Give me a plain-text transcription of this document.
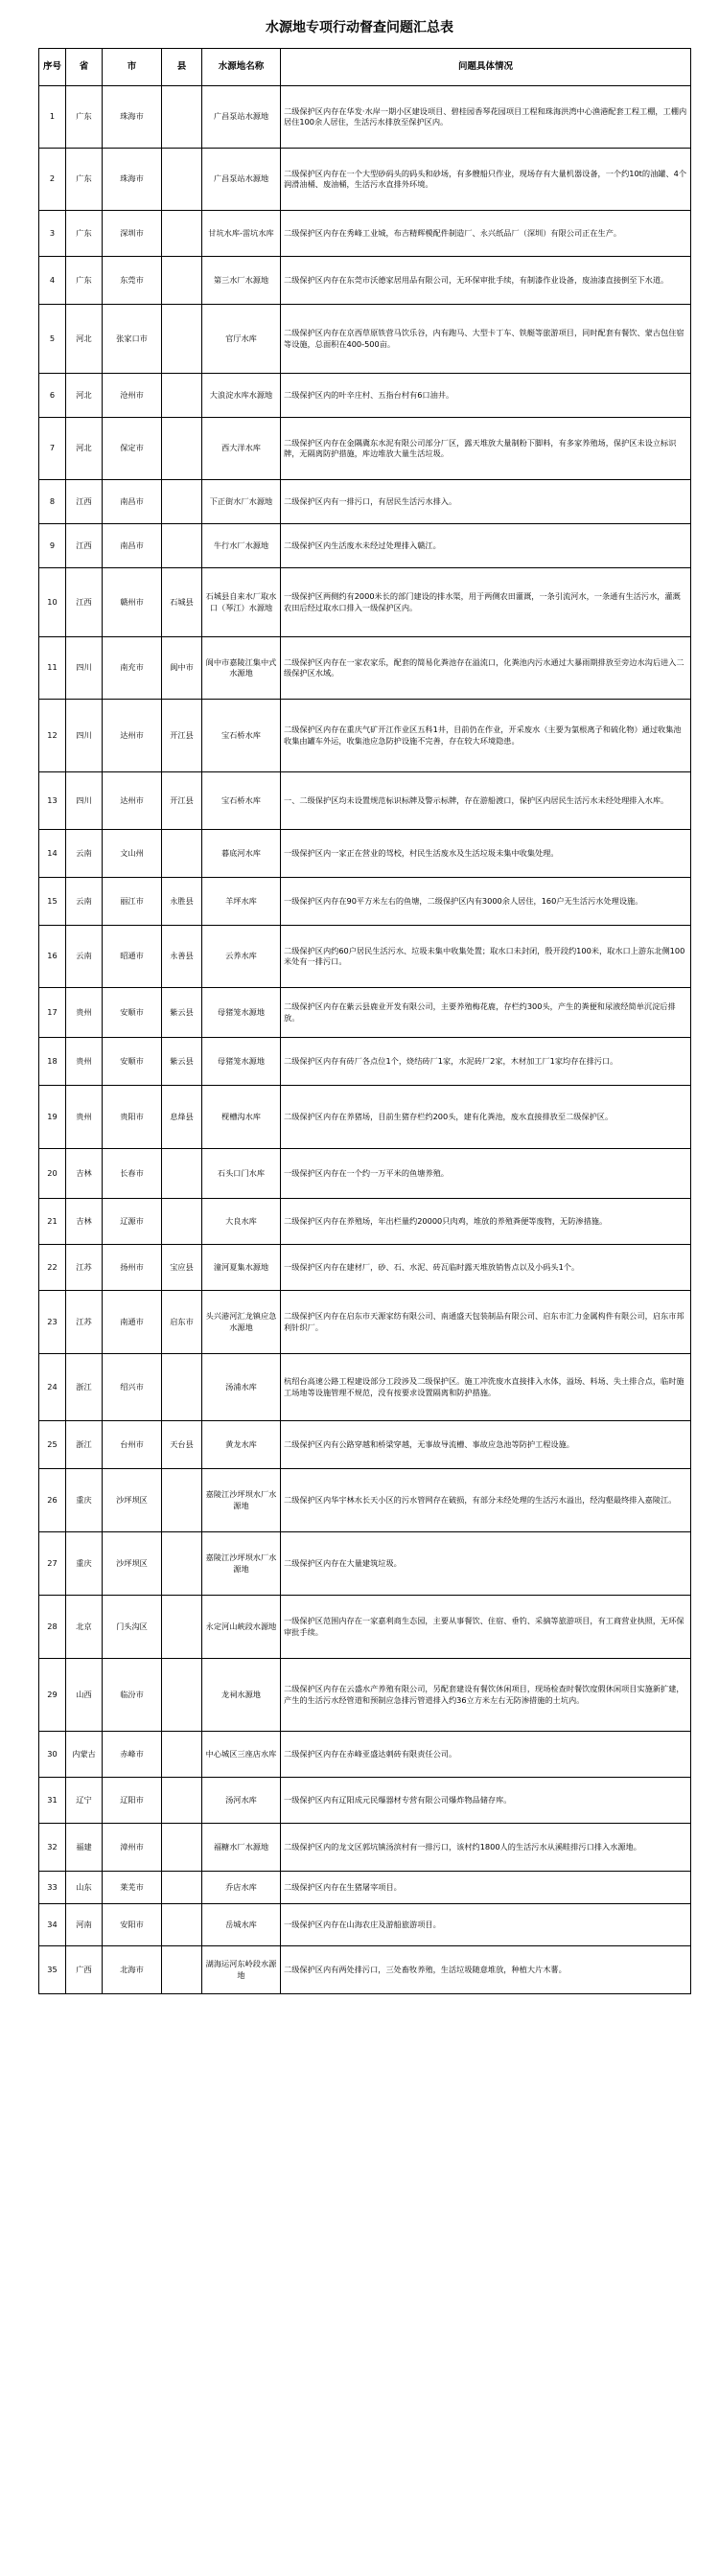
水源地专项行动督查问题汇总表
序号	省	市	县	水源地名称	问题具体情况
1	广东	珠海市		广昌泵站水源地	二级保护区内存在华发·水岸一期小区建设项目、碧桂园香琴花园项目工程和珠海洪湾中心渔港配套工程工棚，工棚内居住100余人居住，生活污水排放至保护区内。
2	广东	珠海市		广昌泵站水源地	二级保护区内存在一个大型砂码头的码头和砂场，有多艘船只作业，现场存有大量机器设备，一个约10t的油罐、4个润滑油桶、废油桶，生活污水直排外环境。
3	广东	深圳市		甘坑水库-雷坑水库	二级保护区内存在秀峰工业城，布吉精辉模配件制造厂、永兴纸品厂（深圳）有限公司正在生产。
4	广东	东莞市		第三水厂水源地	二级保护区内存在东莞市沃德家居用品有限公司，无环保审批手续，有制漆作业设备，废油漆直接倒至下水道。
5	河北	张家口市		官厅水库	二级保护区内存在京西草原铁营马饮乐谷，内有跑马、大型卡丁车、铁艇等旅游项目，同时配套有餐饮、蒙古包住宿等设施，总面积在400-500亩。
6	河北	沧州市		大浪淀水库水源地	二级保护区内的叶辛庄村、五指台村有6口油井。
7	河北	保定市		西大洋水库	二级保护区内存在金隅冀东水泥有限公司部分厂区，露天堆放大量制粉下脚料，有多家养殖场，保护区未设立标识牌，无隔离防护措施，库边堆放大量生活垃圾。
8	江西	南昌市		下正街水厂水源地	二级保护区内有一排污口，有居民生活污水排入。
9	江西	南昌市		牛行水厂水源地	二级保护区内生活废水未经过处理排入赣江。
10	江西	赣州市	石城县	石城县自来水厂取水口（琴江）水源地	一级保护区两侧约有2000米长的部门建设的排水渠，用于两侧农田灌溉，一条引流河水，一条通有生活污水，灌溉农田后经过取水口排入一级保护区内。
11	四川	南充市	阆中市	阆中市嘉陵江集中式水源地	二级保护区内存在一家农家乐，配套的简易化粪池存在溢流口，化粪池内污水通过大暴雨期排放至旁边水沟后进入二级保护区水域。
12	四川	达州市	开江县	宝石桥水库	二级保护区内存在重庆气矿开江作业区五科1井，目前仍在作业，开采废水（主要为氯根离子和硫化物）通过收集池收集由罐车外运，收集池应急防护设施不完善，存在较大环境隐患。
13	四川	达州市	开江县	宝石桥水库	一、二级保护区均未设置规范标识标牌及警示标牌，存在游船渡口，保护区内居民生活污水未经处理排入水库。
14	云南	文山州		暮底河水库	一级保护区内一家正在营业的驾校，村民生活废水及生活垃圾未集中收集处理。
15	云南	丽江市	永胜县	羊坪水库	一级保护区内存在90平方米左右的鱼塘，二级保护区内有3000余人居住，160户无生活污水处理设施。
16	云南	昭通市	永善县	云养水库	二级保护区内约60户居民生活污水、垃圾未集中收集处置；取水口未封闭，殷开段约100米，取水口上游东北侧100米处有一排污口。
17	贵州	安顺市	紫云县	母猪笼水源地	二级保护区内存在紫云县鹿业开发有限公司，主要养殖梅花鹿，存栏约300头，产生的粪便和尿液经简单沉淀后排放。
18	贵州	安顺市	紫云县	母猪笼水源地	二级保护区内存有砖厂各点位1个，烧结砖厂1家，水泥砖厂2家，木材加工厂1家均存在排污口。
19	贵州	贵阳市	息烽县	枧槽沟水库	二级保护区内存在养猪场，目前生猪存栏约200头，建有化粪池，废水直接排放至二级保护区。
20	吉林	长春市		石头口门水库	一级保护区内存在一个约一万平米的鱼塘养殖。
21	吉林	辽源市		大良水库	二级保护区内存在养殖场，年出栏量约20000只肉鸡，堆放的养殖粪便等废物，无防渗措施。
22	江苏	扬州市	宝应县	潼河夏集水源地	一级保护区内存在建材厂，砂、石、水泥、砖瓦临时露天堆放销售点以及小码头1个。
23	江苏	南通市	启东市	头兴港河汇龙镇应急水源地	二级保护区内存在启东市天源家纺有限公司、南通盛天包装制品有限公司、启东市汇力金属构件有限公司，启东市邦利针织厂。
24	浙江	绍兴市		汤浦水库	杭绍台高速公路工程建设部分工段涉及二级保护区。施工冲洗废水直接排入水体，溢场、料场、失土排合点，临时施工场地等设施管理不规范，没有按要求设置隔离和防护措施。
25	浙江	台州市	天台县	黄龙水库	二级保护区内有公路穿越和桥梁穿越，无事故导流槽、事故应急池等防护工程设施。
26	重庆	沙坪坝区		嘉陵江沙坪坝水厂水源地	二级保护区内华宇林水长天小区的污水管网存在破损，有部分未经处理的生活污水溢出，经沟壑最终排入嘉陵江。
27	重庆	沙坪坝区		嘉陵江沙坪坝水厂水源地	二级保护区内存在大量建筑垃圾。
28	北京	门头沟区		永定河山峡段水源地	一级保护区范围内存在一家嘉利商生态园，主要从事餐饮、住宿、垂钓、采摘等旅游项目，有工商营业执照，无环保审批手续。
29	山西	临汾市		龙祠水源地	二级保护区内存在云盛水产养殖有限公司，另配套建设有餐饮休闲项目，现场检查时餐饮度假休闲项目实施新扩建，产生的生活污水经管道和预制应急排污管道排入约36立方米左右无防渗措施的土坑内。
30	内蒙古	赤峰市		中心城区三座店水库	二级保护区内存在赤峰亚盛达刺砖有限责任公司。
31	辽宁	辽阳市		汤河水库	一级保护区内有辽阳成元民爆器材专营有限公司爆炸物品储存库。
32	福建	漳州市		福糖水厂水源地	二级保护区内的龙文区郭坑镇汤滨村有一排污口，该村约1800人的生活污水从溪畦排污口排入水源地。
33	山东	莱芜市		乔店水库	二级保护区内存在生猪屠宰项目。
34	河南	安阳市		岳城水库	一级保护区内存在山海农庄及游船旅游项目。
35	广西	北海市		湖海运河东岭段水源地	二级保护区内有两处排污口，三处畜牧养殖，生活垃圾随意堆放，种植大片木薯。
